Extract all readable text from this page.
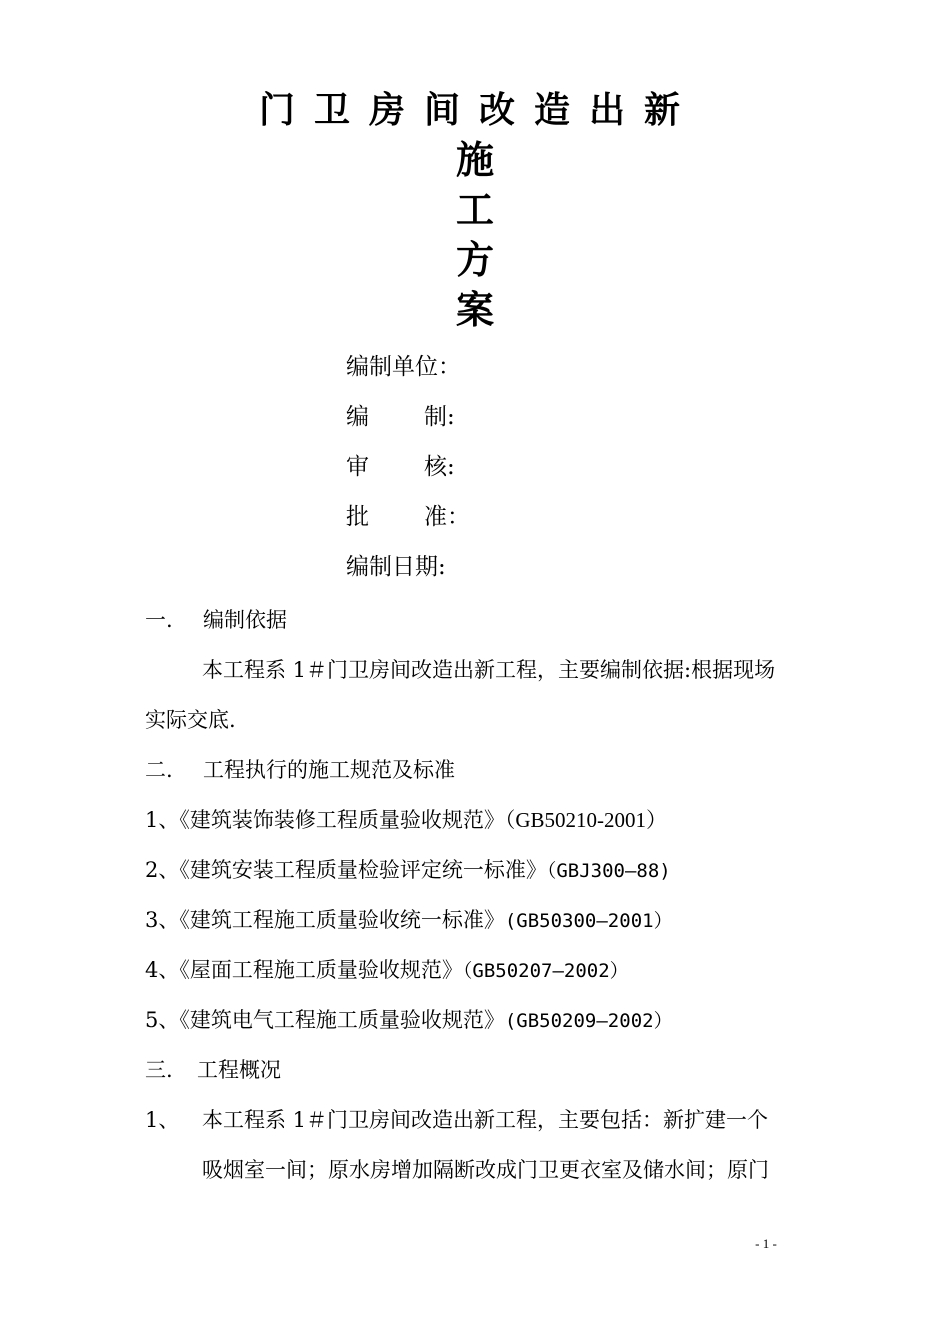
门卫房间改造出新
施
工
方
案
编制单位：
编 制:
审 核:
批 准：
编制日期:
一. 编制依据
本工程系 1＃门卫房间改造出新工程，主要编制依据:根据现场
实际交底.
二. 工程执行的施工规范及标准
1、《建筑装饰装修工程质量验收规范》（GB50210-2001）
2、《建筑安装工程质量检验评定统一标准》（GBJ300—88)
3、《建筑工程施工质量验收统一标准》(GB50300—2001）
4、《屋面工程施工质量验收规范》（GB50207—2002）
5、《建筑电气工程施工质量验收规范》(GB50209—2002）
三. 工程概况
1、 本工程系 1＃门卫房间改造出新工程，主要包括：新扩建一个
吸烟室一间；原水房增加隔断改成门卫更衣室及储水间；原门
- 1 -
